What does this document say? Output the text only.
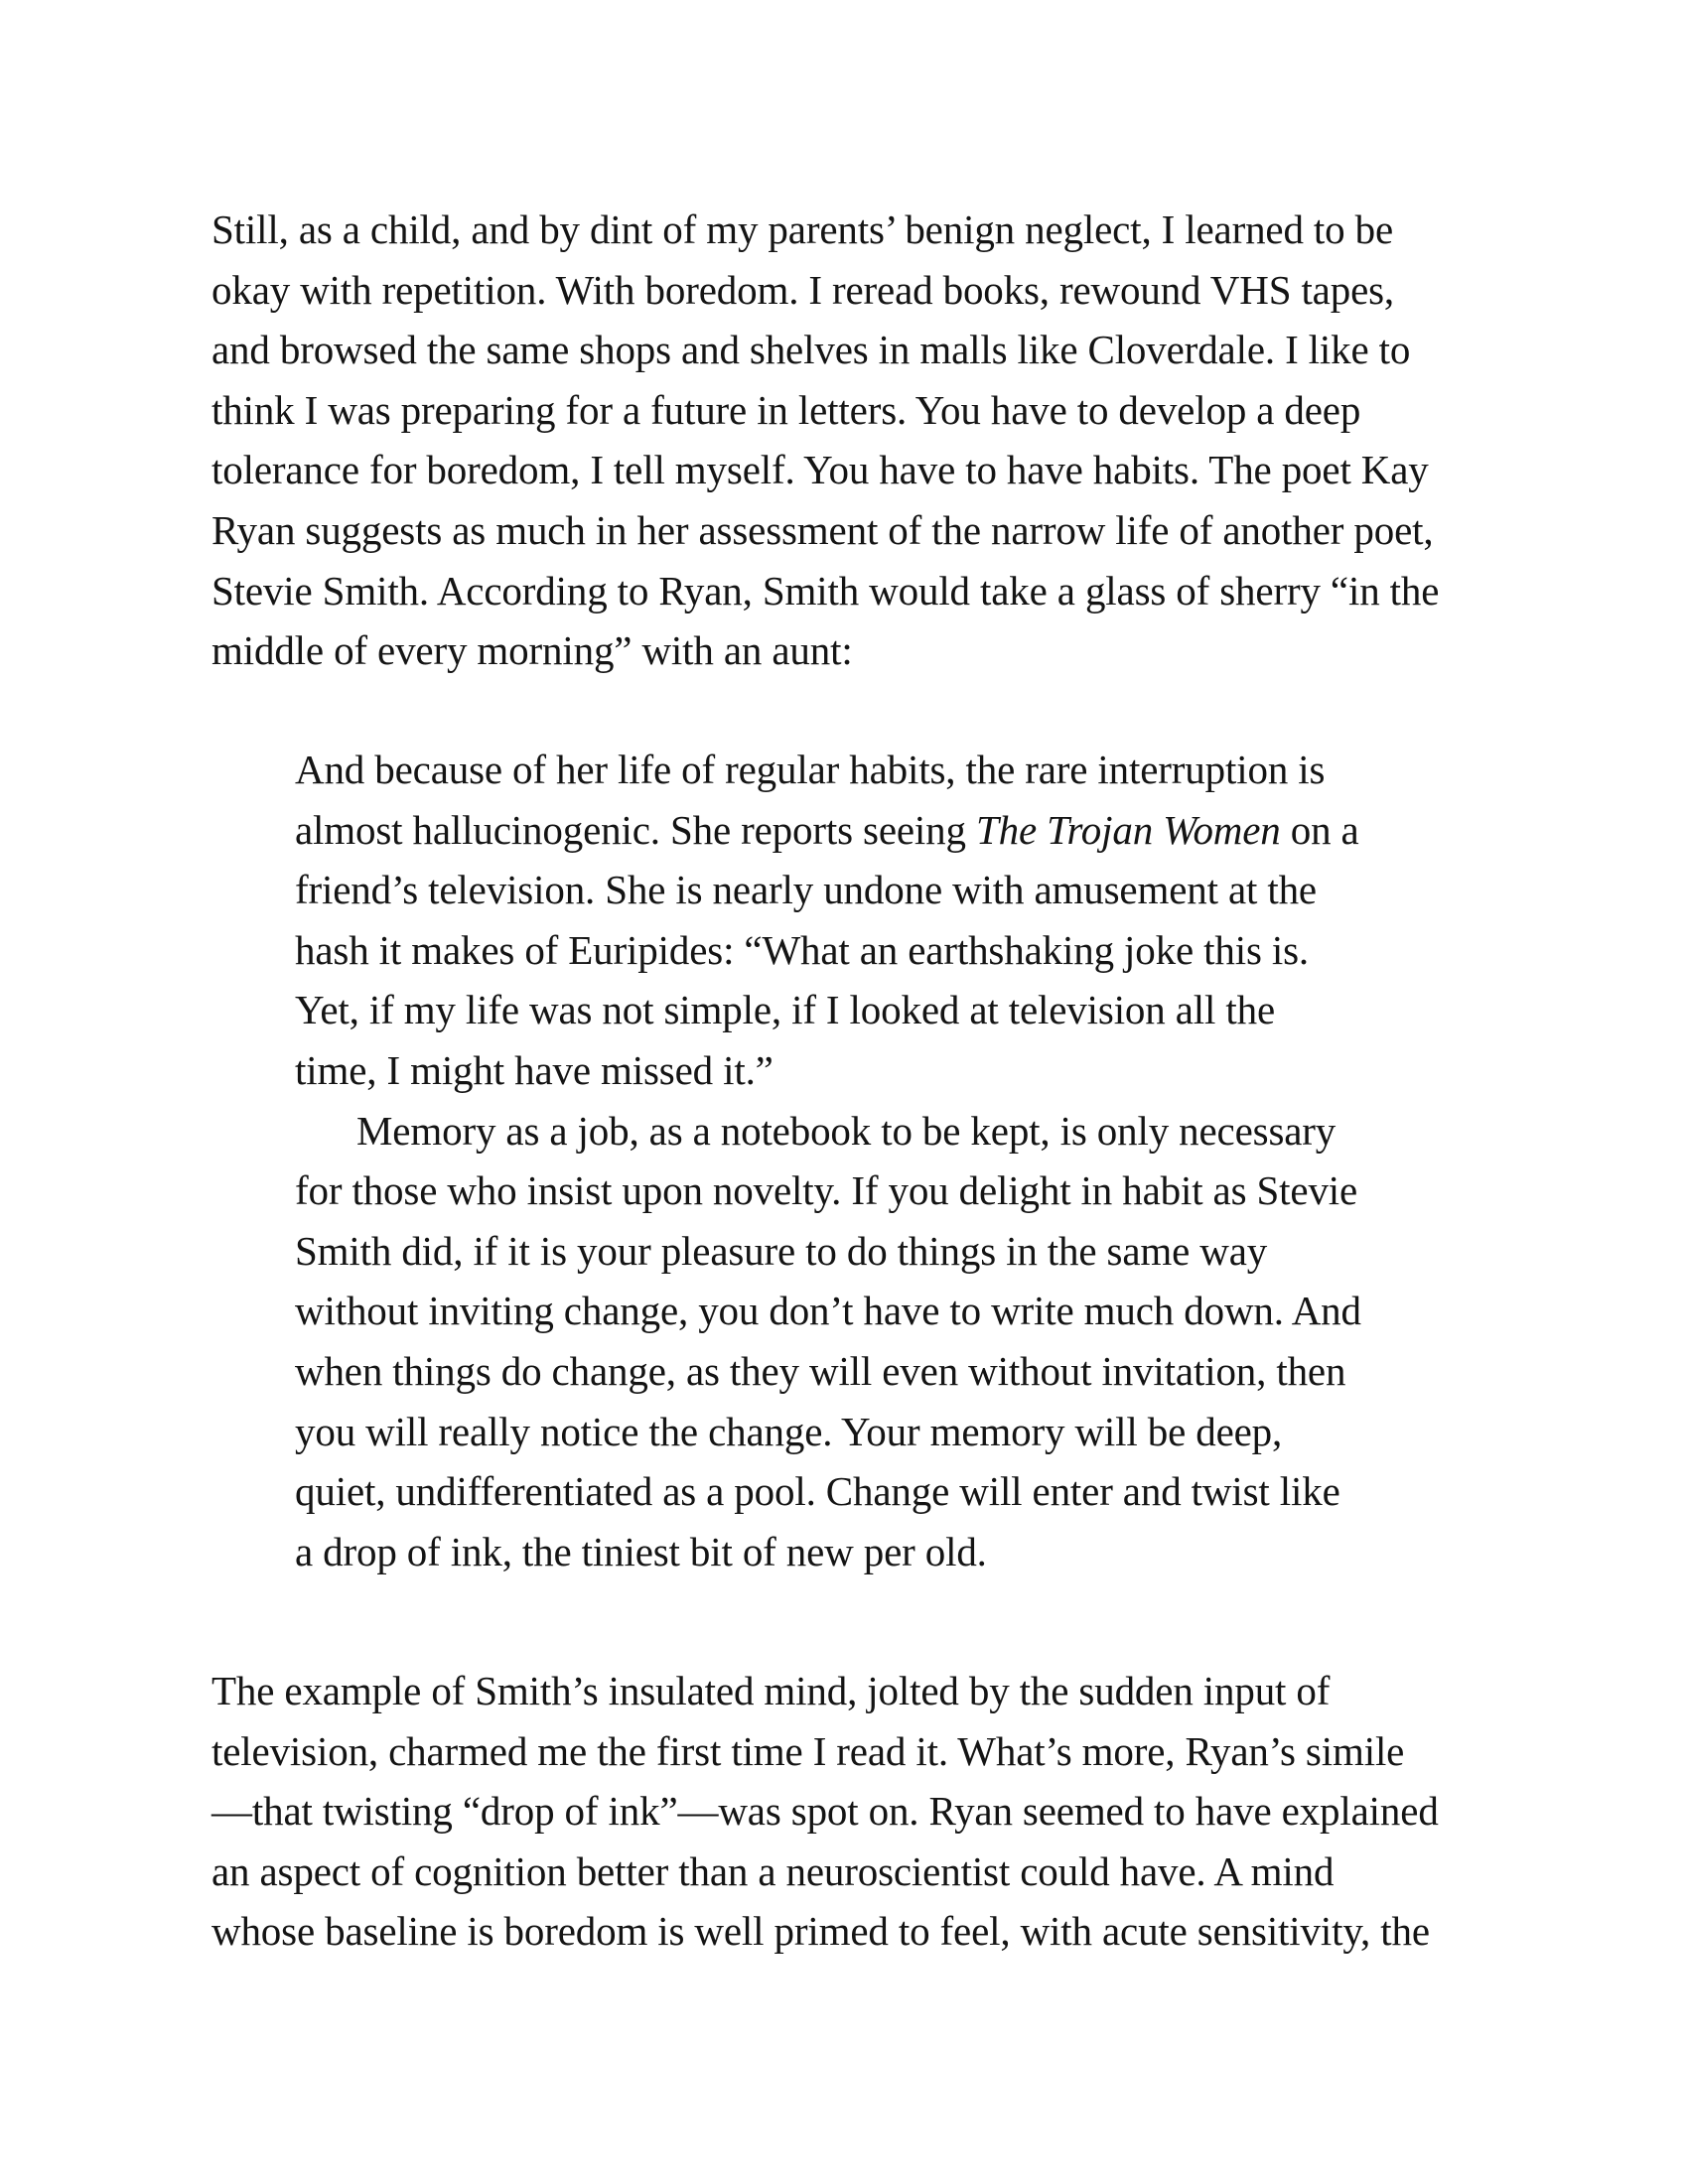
Still, as a child, and by dint of my parents’ benign neglect, I learned to be
okay with repetition. With boredom. I reread books, rewound VHS tapes,
and browsed the same shops and shelves in malls like Cloverdale. I like to
think I was preparing for a future in letters. You have to develop a deep
tolerance for boredom, I tell myself. You have to have habits. The poet Kay
Ryan suggests as much in her assessment of the narrow life of another poet,
Stevie Smith. According to Ryan, Smith would take a glass of sherry “in the
middle of every morning” with an aunt:

And because of her life of regular habits, the rare interruption is
almost hallucinogenic. She reports seeing The Trojan Women on a
friend’s television. She is nearly undone with amusement at the
hash it makes of Euripides: “What an earthshaking joke this is.
Yet, if my life was not simple, if I looked at television all the
time, I might have missed it.”
Memory as a job, as a notebook to be kept, is only necessary
for those who insist upon novelty. If you delight in habit as Stevie
Smith did, if it is your pleasure to do things in the same way
without inviting change, you don’t have to write much down. And
when things do change, as they will even without invitation, then
you will really notice the change. Your memory will be deep,
quiet, undifferentiated as a pool. Change will enter and twist like
a drop of ink, the tiniest bit of new per old.

The example of Smith’s insulated mind, jolted by the sudden input of
television, charmed me the first time I read it. What’s more, Ryan’s simile
—that twisting “drop of ink”—was spot on. Ryan seemed to have explained
an aspect of cognition better than a neuroscientist could have. A mind
whose baseline is boredom is well primed to feel, with acute sensitivity, the
